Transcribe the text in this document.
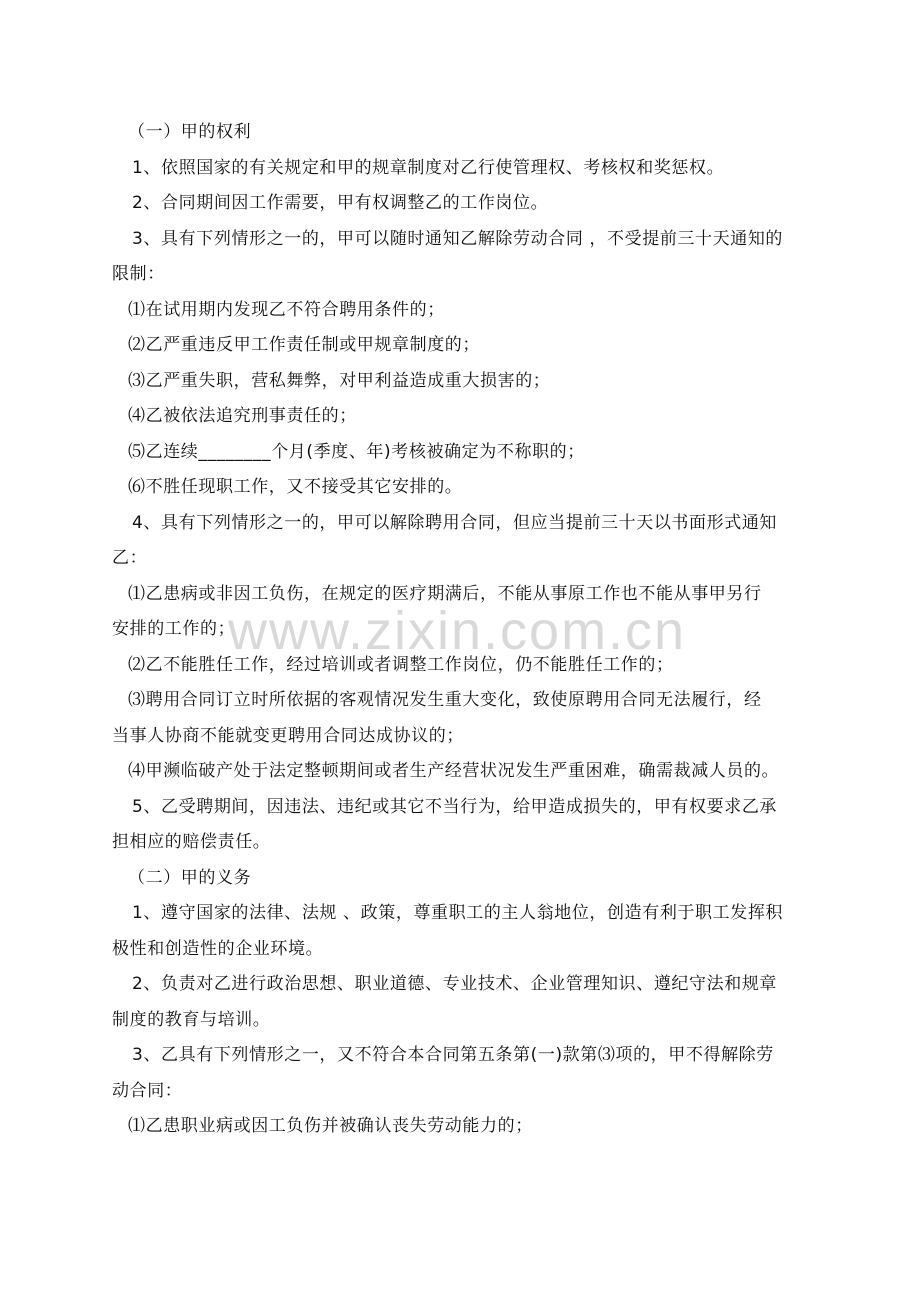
（一）甲的权利
1、依照国家的有关规定和甲的规章制度对乙行使管理权、考核权和奖惩权。
2、合同期间因工作需要，甲有权调整乙的工作岗位。
3、具有下列情形之一的，甲可以随时通知乙解除劳动合同 ，不受提前三十天通知的
限制：
⑴在试用期内发现乙不符合聘用条件的；
⑵乙严重违反甲工作责任制或甲规章制度的；
⑶乙严重失职，营私舞弊，对甲利益造成重大损害的；
⑷乙被依法追究刑事责任的；
⑸乙连续________个月(季度、年)考核被确定为不称职的；
⑹不胜任现职工作，又不接受其它安排的。
4、具有下列情形之一的，甲可以解除聘用合同，但应当提前三十天以书面形式通知
乙：
⑴乙患病或非因工负伤，在规定的医疗期满后，不能从事原工作也不能从事甲另行
安排的工作的；
⑵乙不能胜任工作，经过培训或者调整工作岗位，仍不能胜任工作的；
⑶聘用合同订立时所依据的客观情况发生重大变化，致使原聘用合同无法履行，经
当事人协商不能就变更聘用合同达成协议的；
⑷甲濒临破产处于法定整顿期间或者生产经营状况发生严重困难，确需裁减人员的。
5、乙受聘期间，因违法、违纪或其它不当行为，给甲造成损失的，甲有权要求乙承
担相应的赔偿责任。
（二）甲的义务
1、遵守国家的法律、法规 、政策，尊重职工的主人翁地位，创造有利于职工发挥积
极性和创造性的企业环境。
2、负责对乙进行政治思想、职业道德、专业技术、企业管理知识、遵纪守法和规章
制度的教育与培训。
3、乙具有下列情形之一，又不符合本合同第五条第(一)款第⑶项的，甲不得解除劳
动合同：
⑴乙患职业病或因工负伤并被确认丧失劳动能力的；
www.zixin.com.cn
